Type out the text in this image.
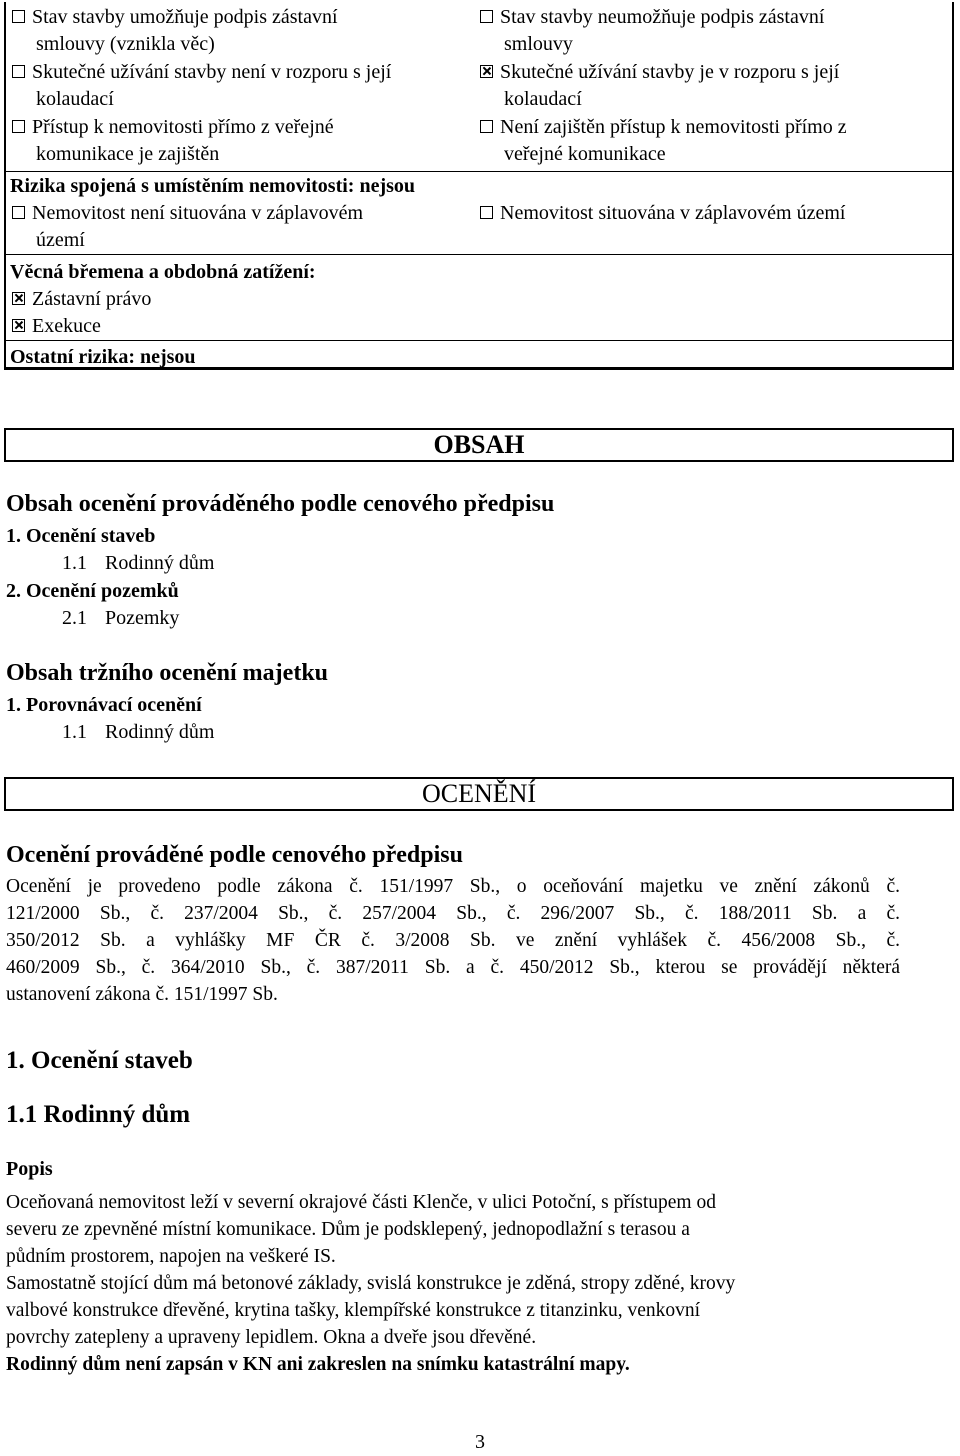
Stav stavby umožňuje podpis zástavní
smlouvy (vznikla věc)
Stav stavby neumožňuje podpis zástavní
smlouvy
Skutečné užívání stavby není v rozporu s její
kolaudací
Skutečné užívání stavby je v rozporu s její
kolaudací
Přístup k nemovitosti přímo z veřejné
komunikace je zajištěn
Není zajištěn přístup k nemovitosti přímo z
veřejné komunikace
Rizika spojená s umístěním nemovitosti: nejsou
Nemovitost není situována v záplavovém
území
Nemovitost situována v záplavovém území
Věcná břemena a obdobná zatížení:
Zástavní právo
Exekuce
Ostatní rizika: nejsou
OBSAH
Obsah ocenění prováděného podle cenového předpisu
1. Ocenění staveb
1.1 Rodinný dům
2. Ocenění pozemků
2.1 Pozemky
Obsah tržního ocenění majetku
1. Porovnávací ocenění
1.1 Rodinný dům
OCENĚNÍ
Ocenění prováděné podle cenového předpisu
Ocenění je provedeno podle zákona č. 151/1997 Sb., o oceňování majetku ve znění zákonů č.
121/2000 Sb., č. 237/2004 Sb., č. 257/2004 Sb., č. 296/2007 Sb., č. 188/2011 Sb. a č.
350/2012 Sb. a vyhlášky MF ČR č. 3/2008 Sb. ve znění vyhlášek č. 456/2008 Sb., č.
460/2009 Sb., č. 364/2010 Sb., č. 387/2011 Sb. a č. 450/2012 Sb., kterou se provádějí některá
ustanovení zákona č. 151/1997 Sb.
1. Ocenění staveb
1.1 Rodinný dům
Popis
Oceňovaná nemovitost leží v severní okrajové části Klenče, v ulici Potoční, s přístupem od
severu ze zpevněné místní komunikace. Dům je podsklepený, jednopodlažní s terasou a
půdním prostorem, napojen na veškeré IS.
Samostatně stojící dům má betonové základy, svislá konstrukce je zděná, stropy zděné, krovy
valbové konstrukce dřevěné, krytina tašky, klempířské konstrukce z titanzinku, venkovní
povrchy zatepleny a upraveny lepidlem. Okna a dveře jsou dřevěné.
Rodinný dům není zapsán v KN ani zakreslen na snímku katastrální mapy.
3
